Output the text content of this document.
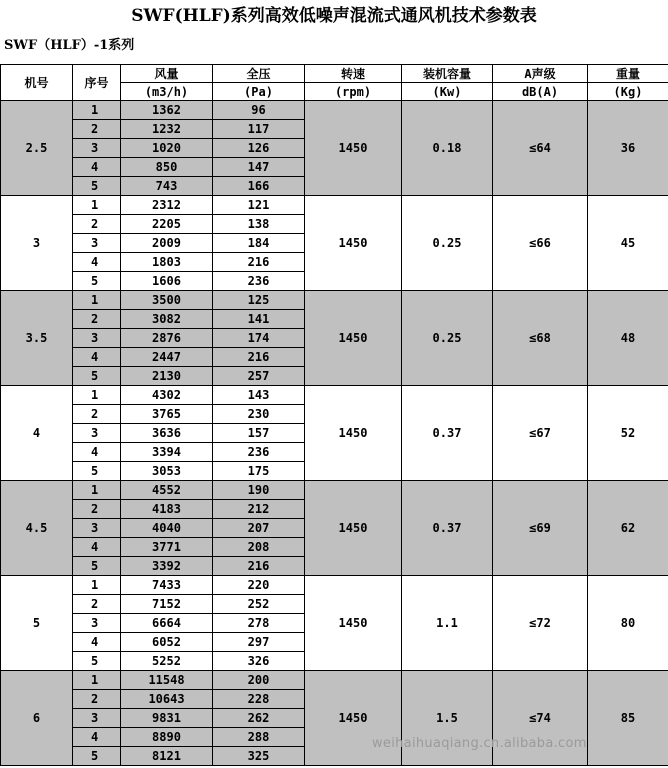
SWF(HLF)系列高效低噪声混流式通风机技术参数表
SWF（HLF）-1系列
机号	序号	风量	全压	转速	装机容量	A声级	重量
		(m3/h)	(Pa)	(rpm)	(Kw)	dB(A)	(Kg)
2.5	1	1362	96	1450	0.18	≤64	36
	2	1232	117				
	3	1020	126				
	4	850	147				
	5	743	166				
3	1	2312	121	1450	0.25	≤66	45
	2	2205	138				
	3	2009	184				
	4	1803	216				
	5	1606	236				
3.5	1	3500	125	1450	0.25	≤68	48
	2	3082	141				
	3	2876	174				
	4	2447	216				
	5	2130	257				
4	1	4302	143	1450	0.37	≤67	52
	2	3765	230				
	3	3636	157				
	4	3394	236				
	5	3053	175				
4.5	1	4552	190	1450	0.37	≤69	62
	2	4183	212				
	3	4040	207				
	4	3771	208				
	5	3392	216				
5	1	7433	220	1450	1.1	≤72	80
	2	7152	252				
	3	6664	278				
	4	6052	297				
	5	5252	326				
6	1	11548	200	1450	1.5	≤74	85
	2	10643	228				
	3	9831	262				
	4	8890	288				
	5	8121	325				
weihaihuaqiang.cn.alibaba.com
